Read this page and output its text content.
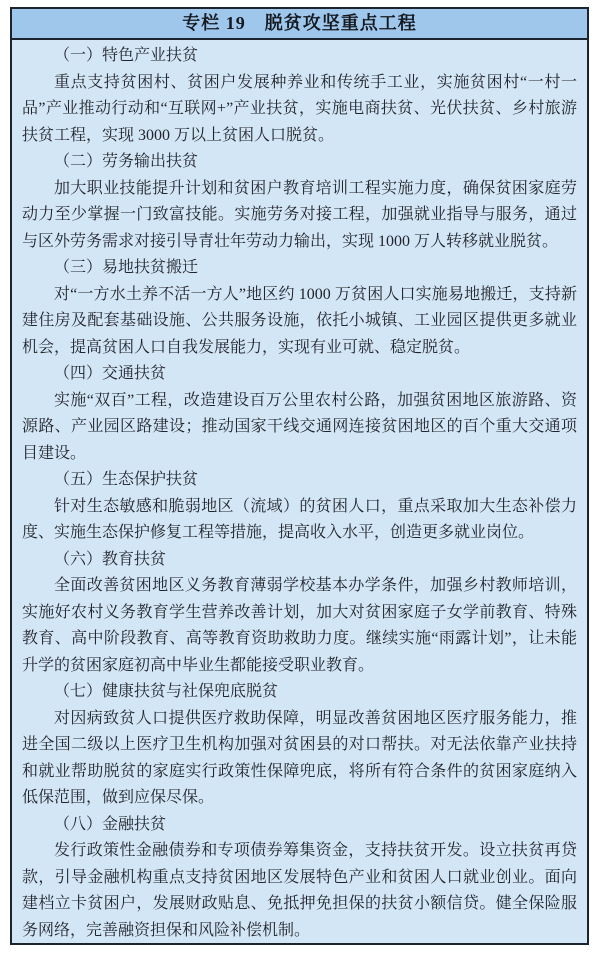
专栏 19　脱贫攻坚重点工程

（一）特色产业扶贫

重点支持贫困村、贫困户发展种养业和传统手工业，实施贫困村“一村一品”产业推动行动和“互联网+”产业扶贫，实施电商扶贫、光伏扶贫、乡村旅游扶贫工程，实现 3000 万以上贫困人口脱贫。

（二）劳务输出扶贫

加大职业技能提升计划和贫困户教育培训工程实施力度，确保贫困家庭劳动力至少掌握一门致富技能。实施劳务对接工程，加强就业指导与服务，通过与区外劳务需求对接引导青壮年劳动力输出，实现 1000 万人转移就业脱贫。

（三）易地扶贫搬迁

对“一方水土养不活一方人”地区约 1000 万贫困人口实施易地搬迁，支持新建住房及配套基础设施、公共服务设施，依托小城镇、工业园区提供更多就业机会，提高贫困人口自我发展能力，实现有业可就、稳定脱贫。

（四）交通扶贫

实施“双百”工程，改造建设百万公里农村公路，加强贫困地区旅游路、资源路、产业园区路建设；推动国家干线交通网连接贫困地区的百个重大交通项目建设。

（五）生态保护扶贫

针对生态敏感和脆弱地区（流域）的贫困人口，重点采取加大生态补偿力度、实施生态保护修复工程等措施，提高收入水平，创造更多就业岗位。

（六）教育扶贫

全面改善贫困地区义务教育薄弱学校基本办学条件，加强乡村教师培训，实施好农村义务教育学生营养改善计划，加大对贫困家庭子女学前教育、特殊教育、高中阶段教育、高等教育资助救助力度。继续实施“雨露计划”，让未能升学的贫困家庭初高中毕业生都能接受职业教育。

（七）健康扶贫与社保兜底脱贫

对因病致贫人口提供医疗救助保障，明显改善贫困地区医疗服务能力，推进全国二级以上医疗卫生机构加强对贫困县的对口帮扶。对无法依靠产业扶持和就业帮助脱贫的家庭实行政策性保障兜底，将所有符合条件的贫困家庭纳入低保范围，做到应保尽保。

（八）金融扶贫

发行政策性金融债券和专项债券筹集资金，支持扶贫开发。设立扶贫再贷款，引导金融机构重点支持贫困地区发展特色产业和贫困人口就业创业。面向建档立卡贫困户，发展财政贴息、免抵押免担保的扶贫小额信贷。健全保险服务网络，完善融资担保和风险补偿机制。
